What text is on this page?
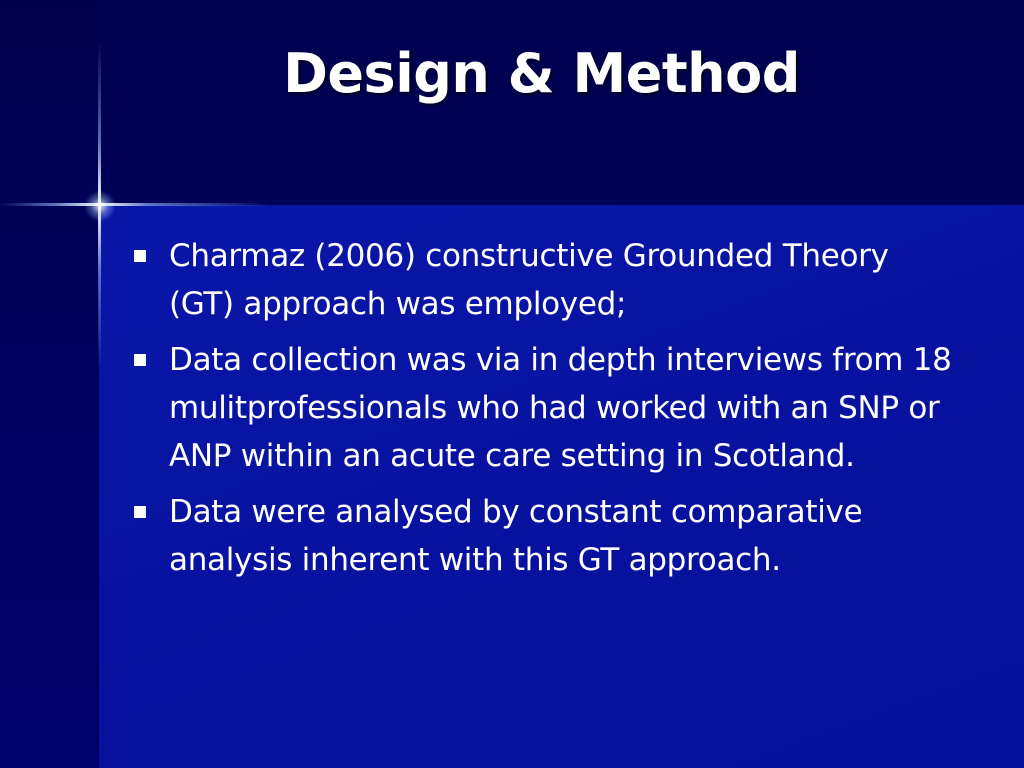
Design & Method
Charmaz (2006) constructive Grounded Theory (GT) approach was employed;
Data collection was via in depth interviews from 18 mulitprofessionals who had worked with an SNP or ANP within an acute care setting in Scotland.
Data were analysed by constant comparative analysis inherent with this GT approach.
